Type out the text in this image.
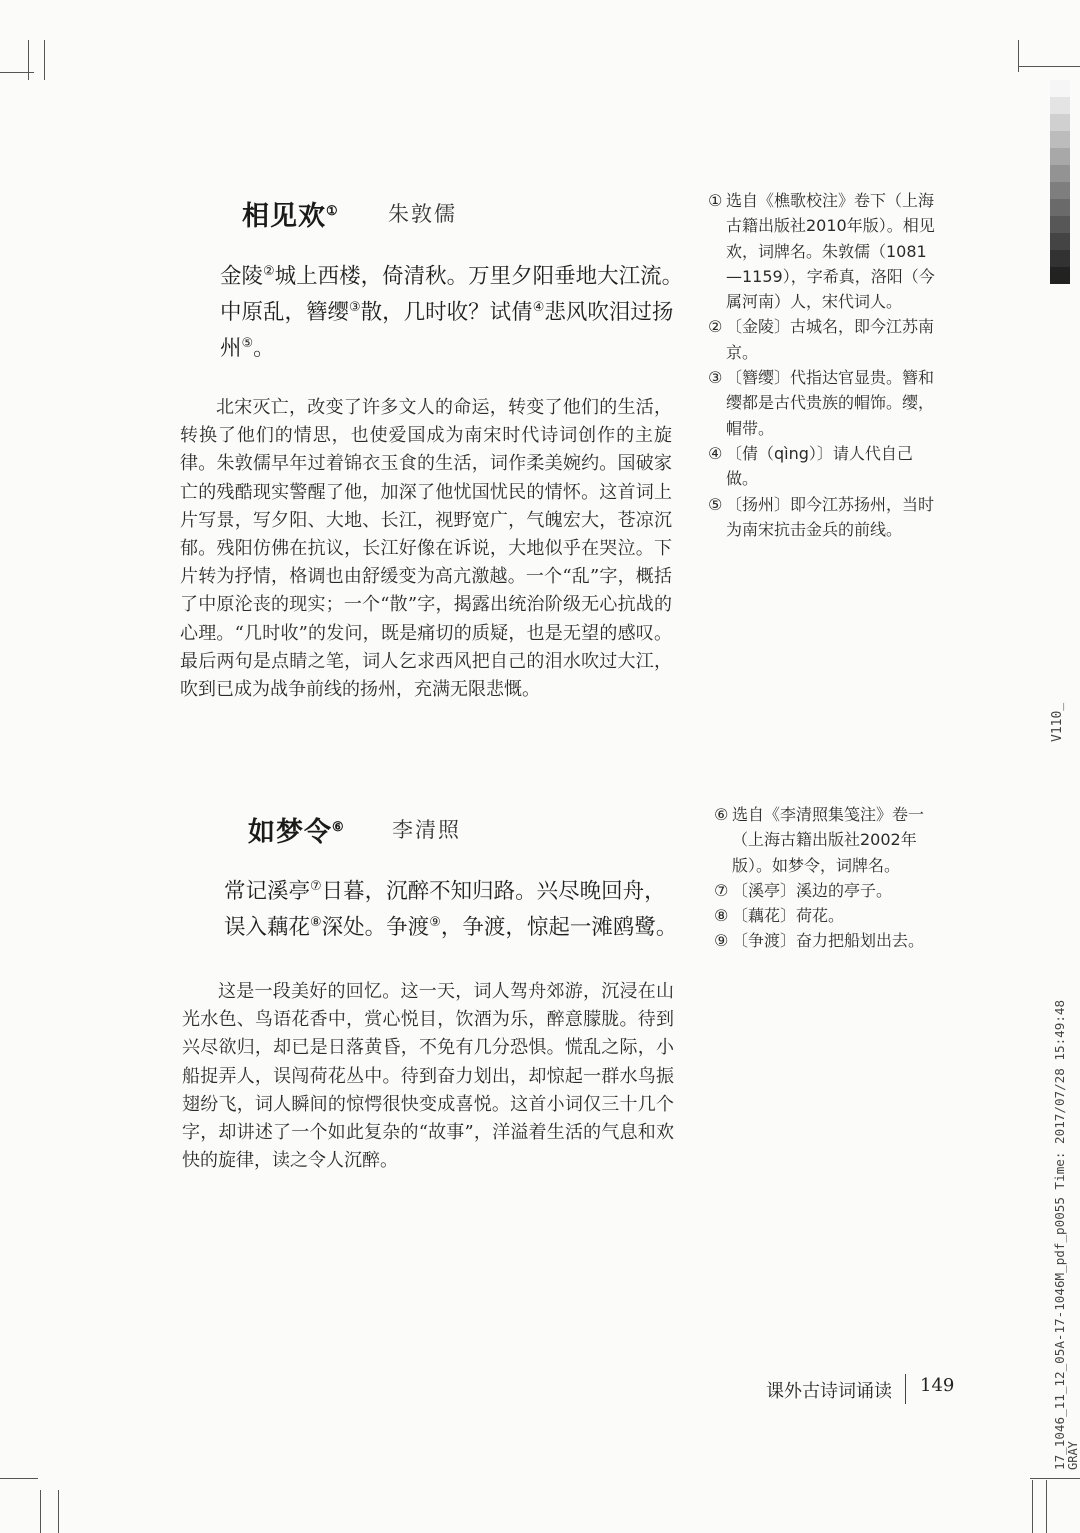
相见欢① 朱敦儒
金陵②城上西楼，倚清秋。万里夕阳垂地大江流。　中原乱，簪缨③散，几时收？试倩④悲风吹泪过扬州⑤。
北宋灭亡，改变了许多文人的命运，转变了他们的生活，转换了他们的情思，也使爱国成为南宋时代诗词创作的主旋律。朱敦儒早年过着锦衣玉食的生活，词作柔美婉约。国破家亡的残酷现实警醒了他，加深了他忧国忧民的情怀。这首词上片写景，写夕阳、大地、长江，视野宽广，气魄宏大，苍凉沉郁。残阳仿佛在抗议，长江好像在诉说，大地似乎在哭泣。下片转为抒情，格调也由舒缓变为高亢激越。一个“乱”字，概括了中原沦丧的现实；一个“散”字，揭露出统治阶级无心抗战的心理。“几时收”的发问，既是痛切的质疑，也是无望的感叹。最后两句是点睛之笔，词人乞求西风把自己的泪水吹过大江，吹到已成为战争前线的扬州，充满无限悲慨。
① 选自《樵歌校注》卷下（上海古籍出版社2010年版）。相见欢，词牌名。朱敦儒（1081—1159），字希真，洛阳（今属河南）人，宋代词人。
② 〔金陵〕古城名，即今江苏南京。
③ 〔簪缨〕代指达官显贵。簪和缨都是古代贵族的帽饰。缨，帽带。
④ 〔倩（qìng）〕请人代自己做。
⑤ 〔扬州〕即今江苏扬州，当时为南宋抗击金兵的前线。
如梦令⑥ 李清照
常记溪亭⑦日暮，沉醉不知归路。兴尽晚回舟，误入藕花⑧深处。争渡⑨，争渡，惊起一滩鸥鹭。
这是一段美好的回忆。这一天，词人驾舟郊游，沉浸在山光水色、鸟语花香中，赏心悦目，饮酒为乐，醉意朦胧。待到兴尽欲归，却已是日落黄昏，不免有几分恐惧。慌乱之际，小船捉弄人，误闯荷花丛中。待到奋力划出，却惊起一群水鸟振翅纷飞，词人瞬间的惊愕很快变成喜悦。这首小词仅三十几个字，却讲述了一个如此复杂的“故事”，洋溢着生活的气息和欢快的旋律，读之令人沉醉。
⑥ 选自《李清照集笺注》卷一（上海古籍出版社2002年版）。如梦令，词牌名。
⑦ 〔溪亭〕溪边的亭子。
⑧ 〔藕花〕荷花。
⑨ 〔争渡〕奋力把船划出去。
课外古诗词诵读 149
V110_
17_1046_11_12_05A-17-1046M_pdf_p0055 Time: 2017/07/28 15:49:48 GRAY
